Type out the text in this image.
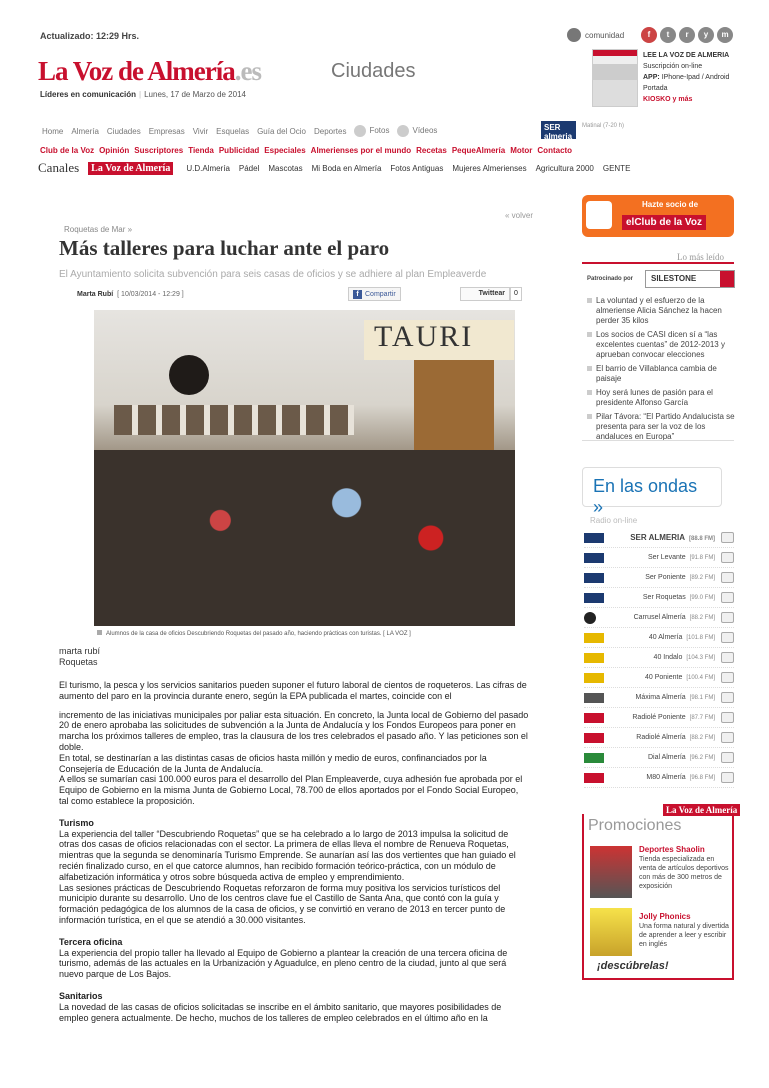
Actualizado: 12:29 Hrs.
La Voz de Almería.es	Ciudades
Líderes en comunicación | Lunes, 17 de Marzo de 2014
comunidad	f	t	r	y	m
LEE LA VOZ DE ALMERIA
Suscripción on-line
APP: IPhone-Ipad / Android
Portada
KIOSKO y más
Home Almería Ciudades Empresas Vivir Esquelas Guía del Ocio Deportes	Fotos	Vídeos	SER almeria
Matinal (7-20 h)
Club de la Voz Opinión Suscriptores Tienda Publicidad Especiales Almerienses por el mundo Recetas PequeAlmería Motor Contacto
Canales	La Voz de Almería	U.D.Almería Pádel Mascotas Mi Boda en Almería Fotos Antiguas Mujeres Almerienses Agricultura 2000 GENTE
« volver
Roquetas de Mar »
Más talleres para luchar ante el paro
El Ayuntamiento solicita subvención para seis casas de oficios y se adhiere al plan Empleaverde
Marta Rubí [ 10/03/2014 - 12:29 ]	f Compartir	Twittear	0
TAURI
Alumnos de la casa de oficios Descubriendo Roquetas del pasado año, haciendo prácticas con turistas. [ LA VOZ ]
marta rubí
Roquetas

El turismo, la pesca y los servicios sanitarios pueden suponer el futuro laboral de cientos de roqueteros. Las cifras de aumento del paro en la provincia durante enero, según la EPA publicada el martes, coincide con el

incremento de las iniciativas municipales por paliar esta situación. En concreto, la Junta local de Gobierno del pasado 20 de enero aprobaba las solicitudes de subvención a la Junta de Andalucía y los Fondos Europeos para poner en marcha los próximos talleres de empleo, tras la clausura de los tres celebrados el pasado año. Y las peticiones son el doble.

En total, se destinarían a las distintas casas de oficios hasta millón y medio de euros, confinanciados por la Consejería de Educación de la Junta de Andalucía.

A ellos se sumarían casi 100.000 euros para el desarrollo del Plan Empleaverde, cuya adhesión fue aprobada por el Equipo de Gobierno en la misma Junta de Gobierno Local, 78.700 de ellos aportados por el Fondo Social Europeo, tal como establece la proposición.

Turismo

La experiencia del taller “Descubriendo Roquetas” que se ha celebrado a lo largo de 2013 impulsa la solicitud de otras dos casas de oficios relacionadas con el sector. La primera de ellas lleva el nombre de Renueva Roquetas, mientras que la segunda se denominaría Turismo Emprende. Se aunarían así las dos vertientes que han guiado el recién finalizado curso, en el que catorce alumnos, han recibido formación teórico-práctica, con un módulo de alfabetización informática y otros sobre búsqueda activa de empleo y emprendimiento.

Las sesiones prácticas de Descubriendo Roquetas reforzaron de forma muy positiva los servicios turísticos del municipio durante su desarrollo. Uno de los centros clave fue el Castillo de Santa Ana, que contó con la guía y formación pedagógica de los alumnos de la casa de oficios, y se convirtió en verano de 2013 en tercer punto de información turística, en el que se atendió a 30.000 visitantes.

Tercera oficina

La experiencia del propio taller ha llevado al Equipo de Gobierno a plantear la creación de una tercera oficina de turismo, además de las actuales en la Urbanización y Aguadulce, en pleno centro de la ciudad, junto al que será nuevo parque de Los Bajos.

Sanitarios

La novedad de las casas de oficios solicitadas se inscribe en el ámbito sanitario, que mayores posibilidades de empleo genera actualmente. De hecho, muchos de los talleres de empleo celebrados en el último año en la

Hazte socio de
elClub de la Voz
Lo más leído
Patrocinado por	SILESTONE
La voluntad y el esfuerzo de la almeriense Alicia Sánchez la hacen perder 35 kilos
Los socios de CASI dicen sí a “las excelentes cuentas” de 2012-2013 y aprueban convocar elecciones
El barrio de Villablanca cambia de paisaje
Hoy será lunes de pasión para el presidente Alfonso García
Pilar Távora: “El Partido Andalucista se presenta para ser la voz de los andaluces en Europa”
En las ondas »
Radio on-line
SER ALMERIA [88.8 FM]
Ser Levante [91.8 FM]
Ser Poniente [89.2 FM]
Ser Roquetas [99.0 FM]
Carrusel Almería [88.2 FM]
40 Almería [101.8 FM]
40 Indalo [104.3 FM]
40 Poniente [100.4 FM]
Máxima Almería [98.1 FM]
Radiolé Poniente [87.7 FM]
Radiolé Almería [88.2 FM]
Dial Almería [96.2 FM]
M80 Almería [96.8 FM]
La Voz de Almería
Promociones
Deportes Shaolin
Tienda especializada en venta de artículos deportivos con más de 300 metros de exposición
Jolly Phonics
Una forma natural y divertida de aprender a leer y escribir en inglés
¡descúbrelas!
